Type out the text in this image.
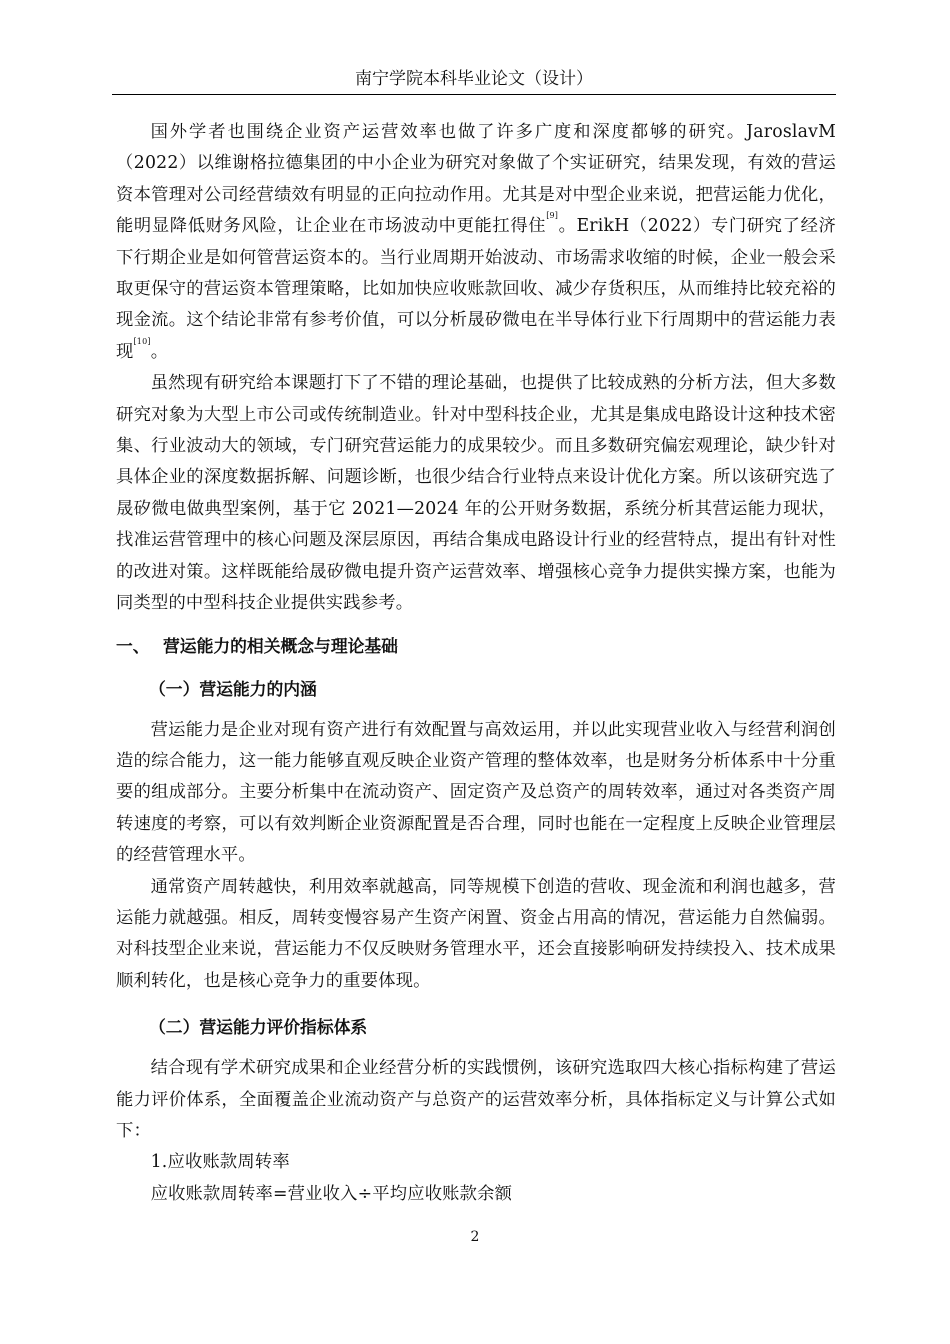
南宁学院本科毕业论文（设计）

国外学者也围绕企业资产运营效率也做了许多广度和深度都够的研究。JaroslavM（2022）以维谢格拉德集团的中小企业为研究对象做了个实证研究，结果发现，有效的营运资本管理对公司经营绩效有明显的正向拉动作用。尤其是对中型企业来说，把营运能力优化，能明显降低财务风险，让企业在市场波动中更能扛得住[9]。ErikH（2022）专门研究了经济下行期企业是如何管营运资本的。当行业周期开始波动、市场需求收缩的时候，企业一般会采取更保守的营运资本管理策略，比如加快应收账款回收、减少存货积压，从而维持比较充裕的现金流。这个结论非常有参考价值，可以分析晟矽微电在半导体行业下行周期中的营运能力表现[10]。

虽然现有研究给本课题打下了不错的理论基础，也提供了比较成熟的分析方法，但大多数研究对象为大型上市公司或传统制造业。针对中型科技企业，尤其是集成电路设计这种技术密集、行业波动大的领域，专门研究营运能力的成果较少。而且多数研究偏宏观理论，缺少针对具体企业的深度数据拆解、问题诊断，也很少结合行业特点来设计优化方案。所以该研究选了晟矽微电做典型案例，基于它 2021—2024 年的公开财务数据，系统分析其营运能力现状，找准运营管理中的核心问题及深层原因，再结合集成电路设计行业的经营特点，提出有针对性的改进对策。这样既能给晟矽微电提升资产运营效率、增强核心竞争力提供实操方案，也能为同类型的中型科技企业提供实践参考。

一、 营运能力的相关概念与理论基础
（一）营运能力的内涵

营运能力是企业对现有资产进行有效配置与高效运用，并以此实现营业收入与经营利润创造的综合能力，这一能力能够直观反映企业资产管理的整体效率，也是财务分析体系中十分重要的组成部分。主要分析集中在流动资产、固定资产及总资产的周转效率，通过对各类资产周转速度的考察，可以有效判断企业资源配置是否合理，同时也能在一定程度上反映企业管理层的经营管理水平。

通常资产周转越快，利用效率就越高，同等规模下创造的营收、现金流和利润也越多，营运能力就越强。相反，周转变慢容易产生资产闲置、资金占用高的情况，营运能力自然偏弱。对科技型企业来说，营运能力不仅反映财务管理水平，还会直接影响研发持续投入、技术成果顺利转化，也是核心竞争力的重要体现。

（二）营运能力评价指标体系

结合现有学术研究成果和企业经营分析的实践惯例，该研究选取四大核心指标构建了营运能力评价体系，全面覆盖企业流动资产与总资产的运营效率分析，具体指标定义与计算公式如下：

1.应收账款周转率

应收账款周转率=营业收入÷平均应收账款余额

2
